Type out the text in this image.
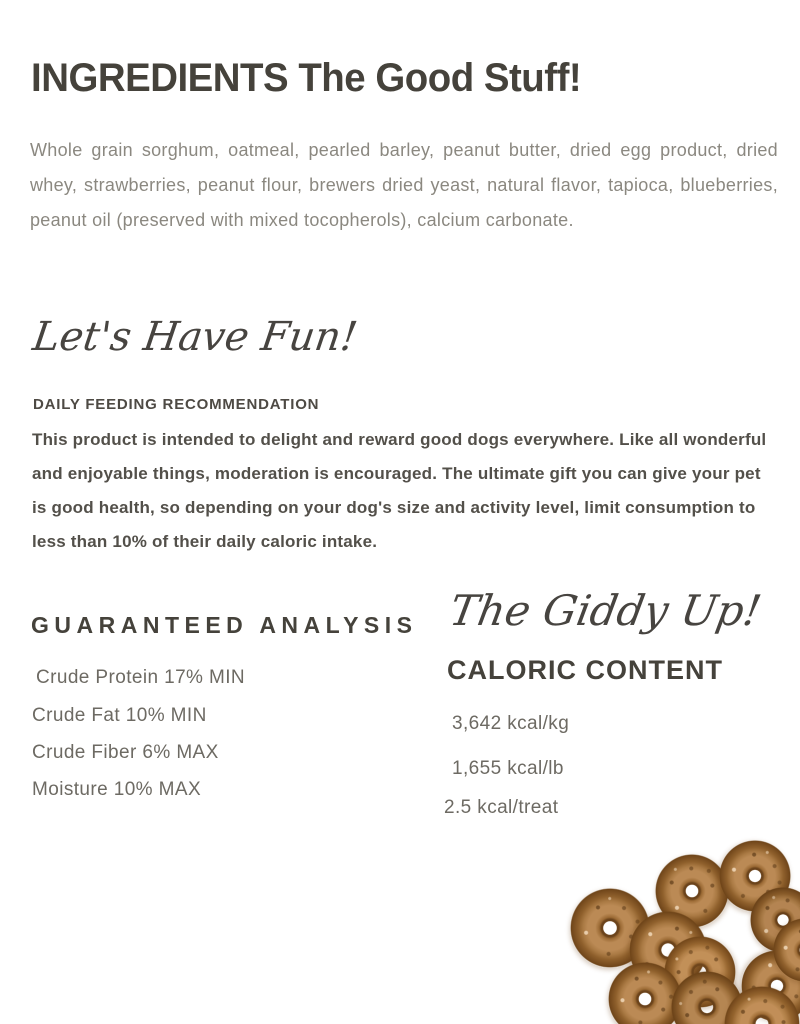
INGREDIENTS The Good Stuff!

Whole grain sorghum, oatmeal, pearled barley, peanut butter, dried egg product, dried whey, strawberries, peanut flour, brewers dried yeast, natural flavor, tapioca, blueberries, peanut oil (preserved with mixed tocopherols), calcium carbonate.

Let's Have Fun!
DAILY FEEDING RECOMMENDATION

This product is intended to delight and reward good dogs everywhere. Like all wonderful and enjoyable things, moderation is encouraged. The ultimate gift you can give your pet is good health, so depending on your dog's size and activity level, limit consumption to less than 10% of their daily caloric intake.

GUARANTEED ANALYSIS
Crude Protein 17% MIN
Crude Fat 10% MIN
Crude Fiber 6% MAX
Moisture 10% MAX
The Giddy Up!
CALORIC CONTENT
3,642 kcal/kg
1,655 kcal/lb
2.5 kcal/treat
